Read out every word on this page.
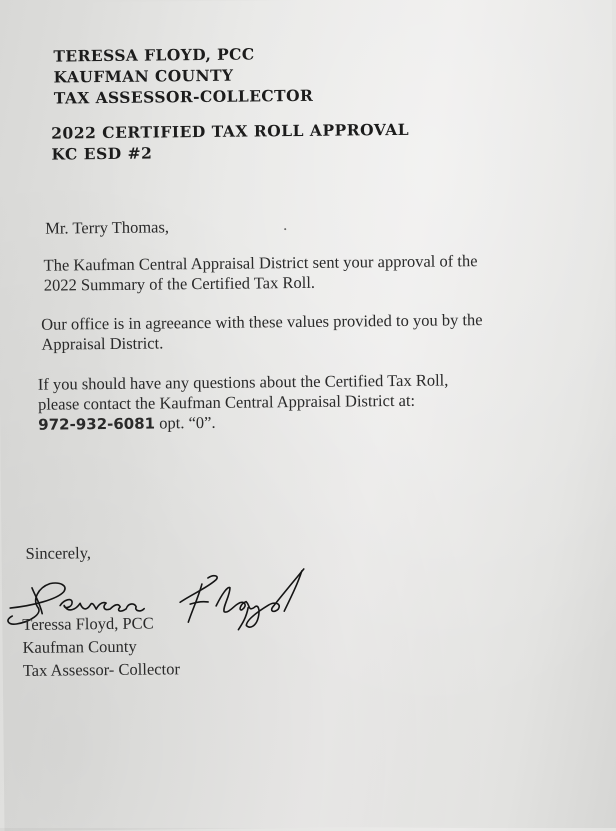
TERESSA FLOYD, PCC
KAUFMAN COUNTY
TAX ASSESSOR-COLLECTOR
2022 CERTIFIED TAX ROLL APPROVAL
KC ESD #2
Mr. Terry Thomas,
The Kaufman Central Appraisal District sent your approval of the
2022 Summary of the Certified Tax Roll.
Our office is in agreeance with these values provided to you by the
Appraisal District.
If you should have any questions about the Certified Tax Roll,
please contact the Kaufman Central Appraisal District at:
972-932-6081 opt. “0”.
Sincerely,
Teressa Floyd
Teressa Floyd, PCC
Kaufman County
Tax Assessor- Collector
